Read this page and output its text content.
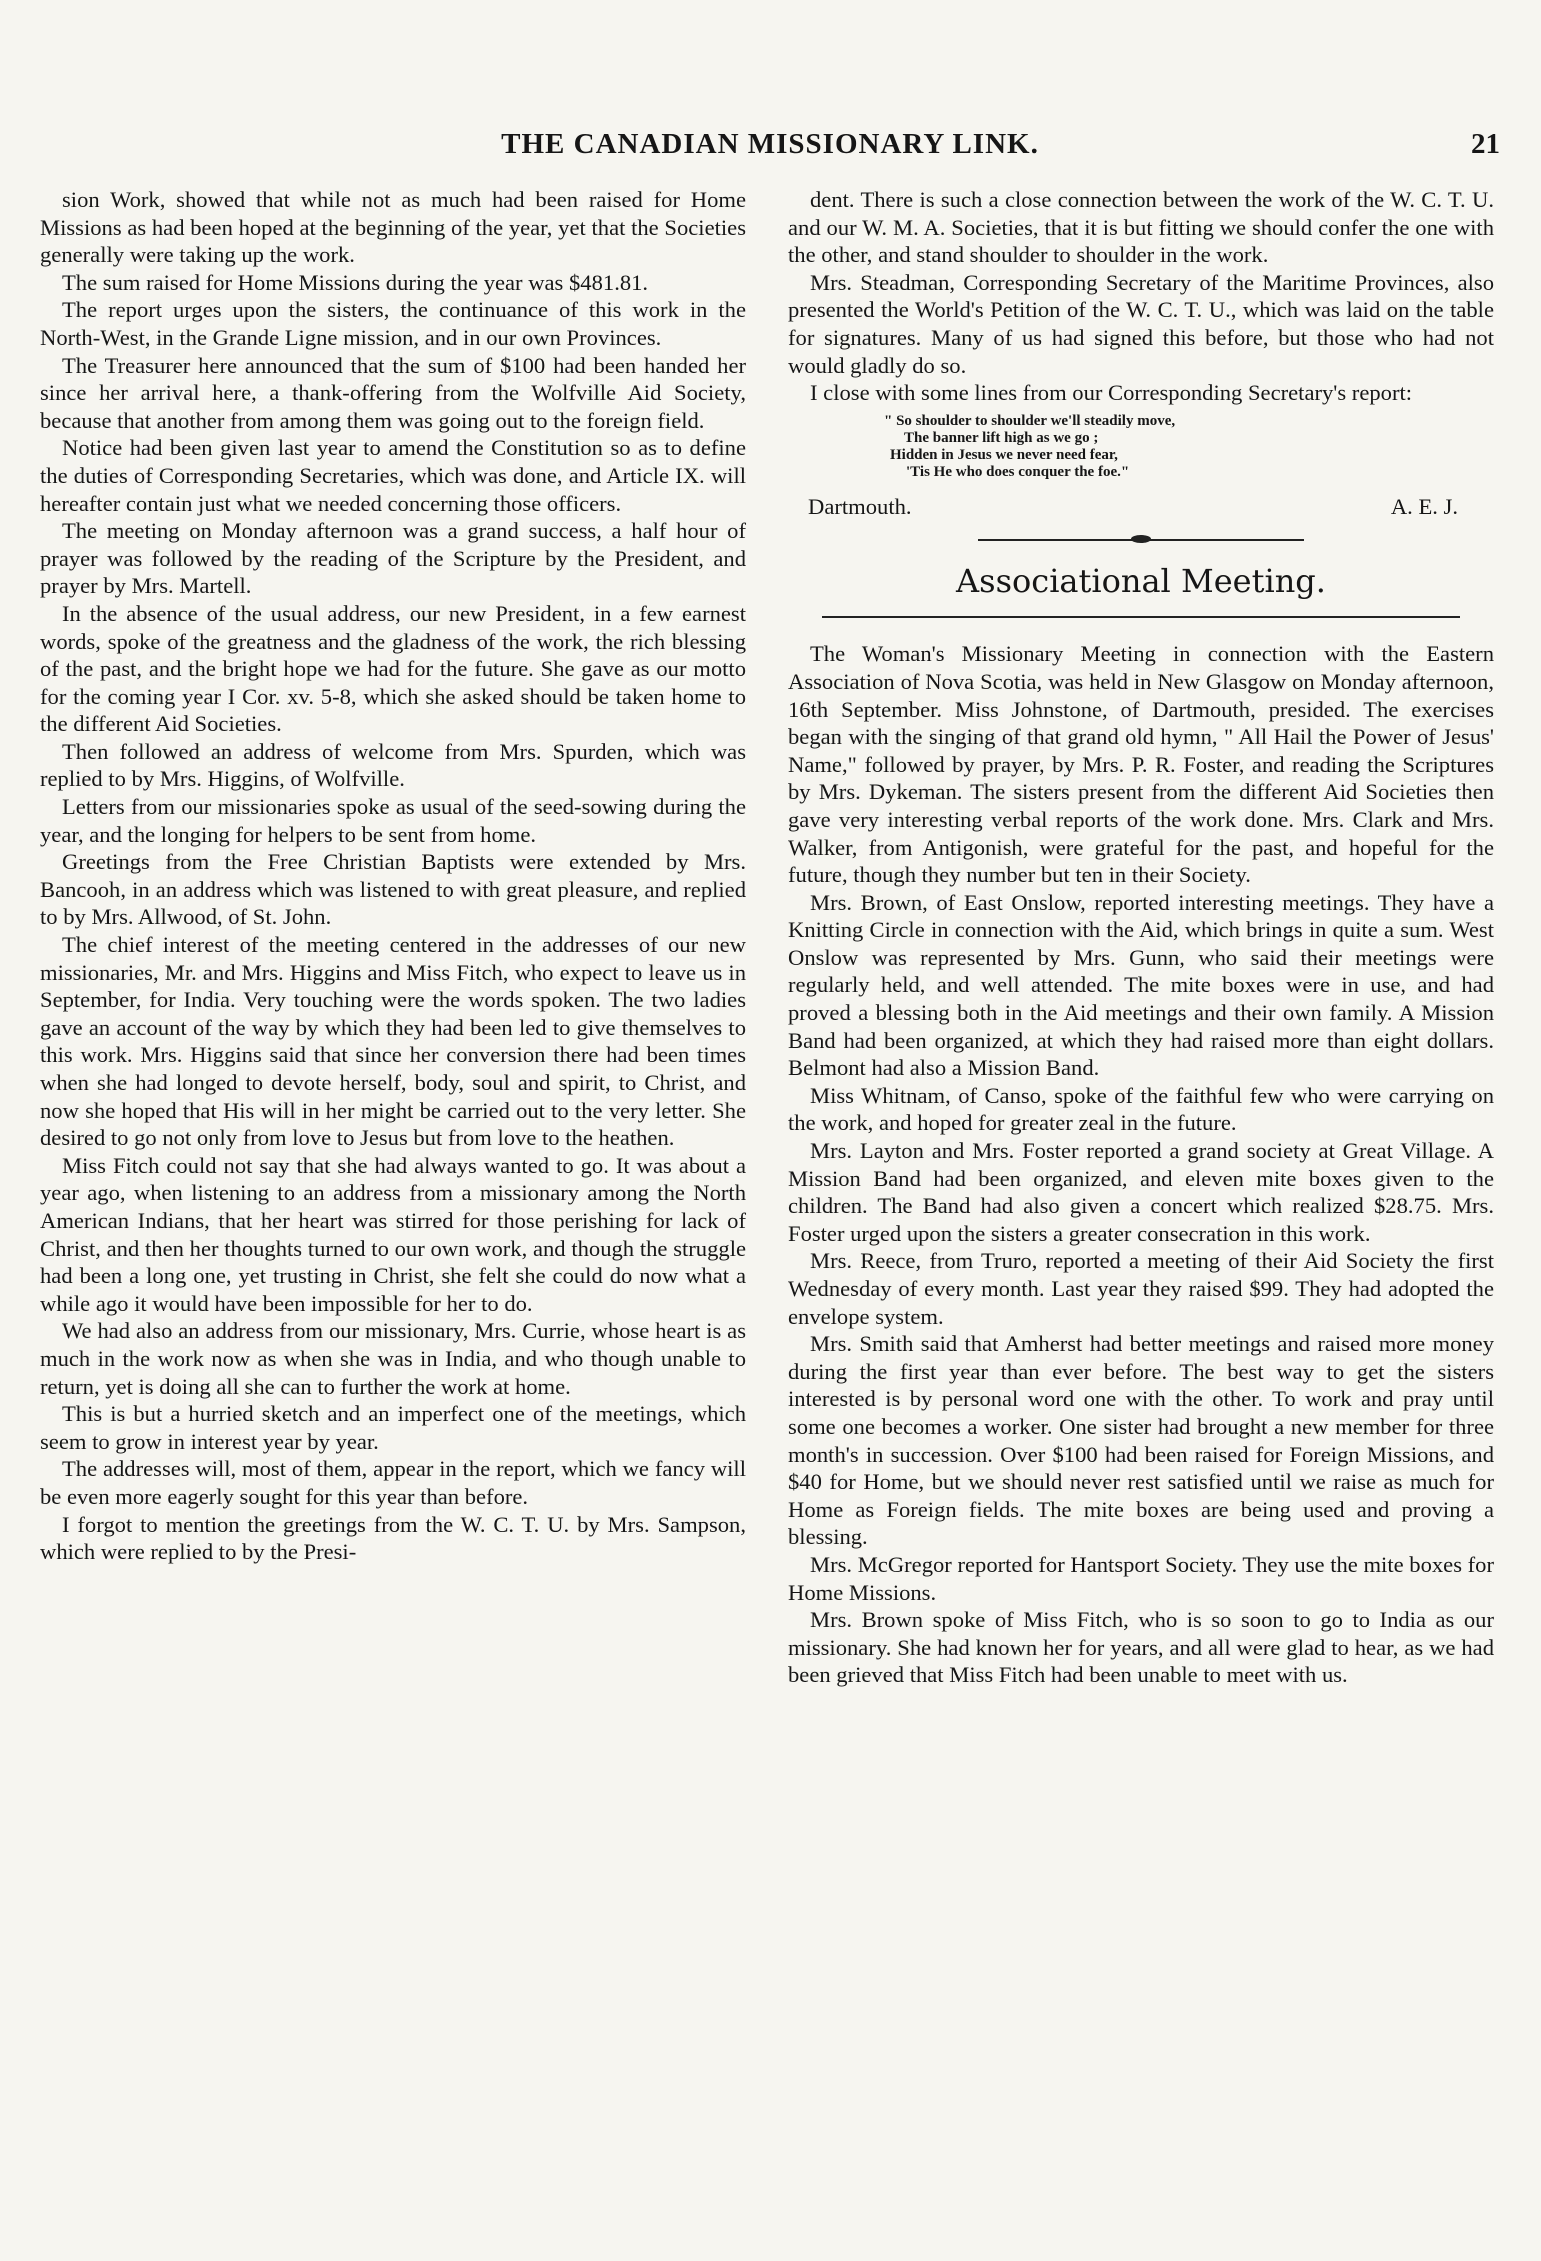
THE CANADIAN MISSIONARY LINK.	21

sion Work, showed that while not as much had been raised for Home Missions as had been hoped at the beginning of the year, yet that the Societies generally were taking up the work.

The sum raised for Home Missions during the year was $481.81.

The report urges upon the sisters, the continuance of this work in the North-West, in the Grande Ligne mission, and in our own Provinces.

The Treasurer here announced that the sum of $100 had been handed her since her arrival here, a thank-offering from the Wolfville Aid Society, because that another from among them was going out to the foreign field.

Notice had been given last year to amend the Constitution so as to define the duties of Corresponding Secretaries, which was done, and Article IX. will hereafter contain just what we needed concerning those officers.

The meeting on Monday afternoon was a grand success, a half hour of prayer was followed by the reading of the Scripture by the President, and prayer by Mrs. Martell.

In the absence of the usual address, our new President, in a few earnest words, spoke of the greatness and the gladness of the work, the rich blessing of the past, and the bright hope we had for the future. She gave as our motto for the coming year I Cor. xv. 5-8, which she asked should be taken home to the different Aid Societies.

Then followed an address of welcome from Mrs. Spurden, which was replied to by Mrs. Higgins, of Wolfville.

Letters from our missionaries spoke as usual of the seed-sowing during the year, and the longing for helpers to be sent from home.

Greetings from the Free Christian Baptists were extended by Mrs. Bancooh, in an address which was listened to with great pleasure, and replied to by Mrs. Allwood, of St. John.

The chief interest of the meeting centered in the addresses of our new missionaries, Mr. and Mrs. Higgins and Miss Fitch, who expect to leave us in September, for India. Very touching were the words spoken. The two ladies gave an account of the way by which they had been led to give themselves to this work. Mrs. Higgins said that since her conversion there had been times when she had longed to devote herself, body, soul and spirit, to Christ, and now she hoped that His will in her might be carried out to the very letter. She desired to go not only from love to Jesus but from love to the heathen.

Miss Fitch could not say that she had always wanted to go. It was about a year ago, when listening to an address from a missionary among the North American Indians, that her heart was stirred for those perishing for lack of Christ, and then her thoughts turned to our own work, and though the struggle had been a long one, yet trusting in Christ, she felt she could do now what a while ago it would have been impossible for her to do.

We had also an address from our missionary, Mrs. Currie, whose heart is as much in the work now as when she was in India, and who though unable to return, yet is doing all she can to further the work at home.

This is but a hurried sketch and an imperfect one of the meetings, which seem to grow in interest year by year.

The addresses will, most of them, appear in the report, which we fancy will be even more eagerly sought for this year than before.

I forgot to mention the greetings from the W. C. T. U. by Mrs. Sampson, which were replied to by the Presi-

dent. There is such a close connection between the work of the W. C. T. U. and our W. M. A. Societies, that it is but fitting we should confer the one with the other, and stand shoulder to shoulder in the work.

Mrs. Steadman, Corresponding Secretary of the Maritime Provinces, also presented the World's Petition of the W. C. T. U., which was laid on the table for signatures. Many of us had signed this before, but those who had not would gladly do so.

I close with some lines from our Corresponding Secretary's report:

" So shoulder to shoulder we'll steadily move,
The banner lift high as we go ;
Hidden in Jesus we never need fear,
'Tis He who does conquer the foe."
Dartmouth.	A. E. J.
Associational Meeting.

The Woman's Missionary Meeting in connection with the Eastern Association of Nova Scotia, was held in New Glasgow on Monday afternoon, 16th September. Miss Johnstone, of Dartmouth, presided. The exercises began with the singing of that grand old hymn, " All Hail the Power of Jesus' Name," followed by prayer, by Mrs. P. R. Foster, and reading the Scriptures by Mrs. Dykeman. The sisters present from the different Aid Societies then gave very interesting verbal reports of the work done. Mrs. Clark and Mrs. Walker, from Antigonish, were grateful for the past, and hopeful for the future, though they number but ten in their Society.

Mrs. Brown, of East Onslow, reported interesting meetings. They have a Knitting Circle in connection with the Aid, which brings in quite a sum. West Onslow was represented by Mrs. Gunn, who said their meetings were regularly held, and well attended. The mite boxes were in use, and had proved a blessing both in the Aid meetings and their own family. A Mission Band had been organized, at which they had raised more than eight dollars. Belmont had also a Mission Band.

Miss Whitnam, of Canso, spoke of the faithful few who were carrying on the work, and hoped for greater zeal in the future.

Mrs. Layton and Mrs. Foster reported a grand society at Great Village. A Mission Band had been organized, and eleven mite boxes given to the children. The Band had also given a concert which realized $28.75. Mrs. Foster urged upon the sisters a greater consecration in this work.

Mrs. Reece, from Truro, reported a meeting of their Aid Society the first Wednesday of every month. Last year they raised $99. They had adopted the envelope system.

Mrs. Smith said that Amherst had better meetings and raised more money during the first year than ever before. The best way to get the sisters interested is by personal word one with the other. To work and pray until some one becomes a worker. One sister had brought a new member for three month's in succession. Over $100 had been raised for Foreign Missions, and $40 for Home, but we should never rest satisfied until we raise as much for Home as Foreign fields. The mite boxes are being used and proving a blessing.

Mrs. McGregor reported for Hantsport Society. They use the mite boxes for Home Missions.

Mrs. Brown spoke of Miss Fitch, who is so soon to go to India as our missionary. She had known her for years, and all were glad to hear, as we had been grieved that Miss Fitch had been unable to meet with us.
